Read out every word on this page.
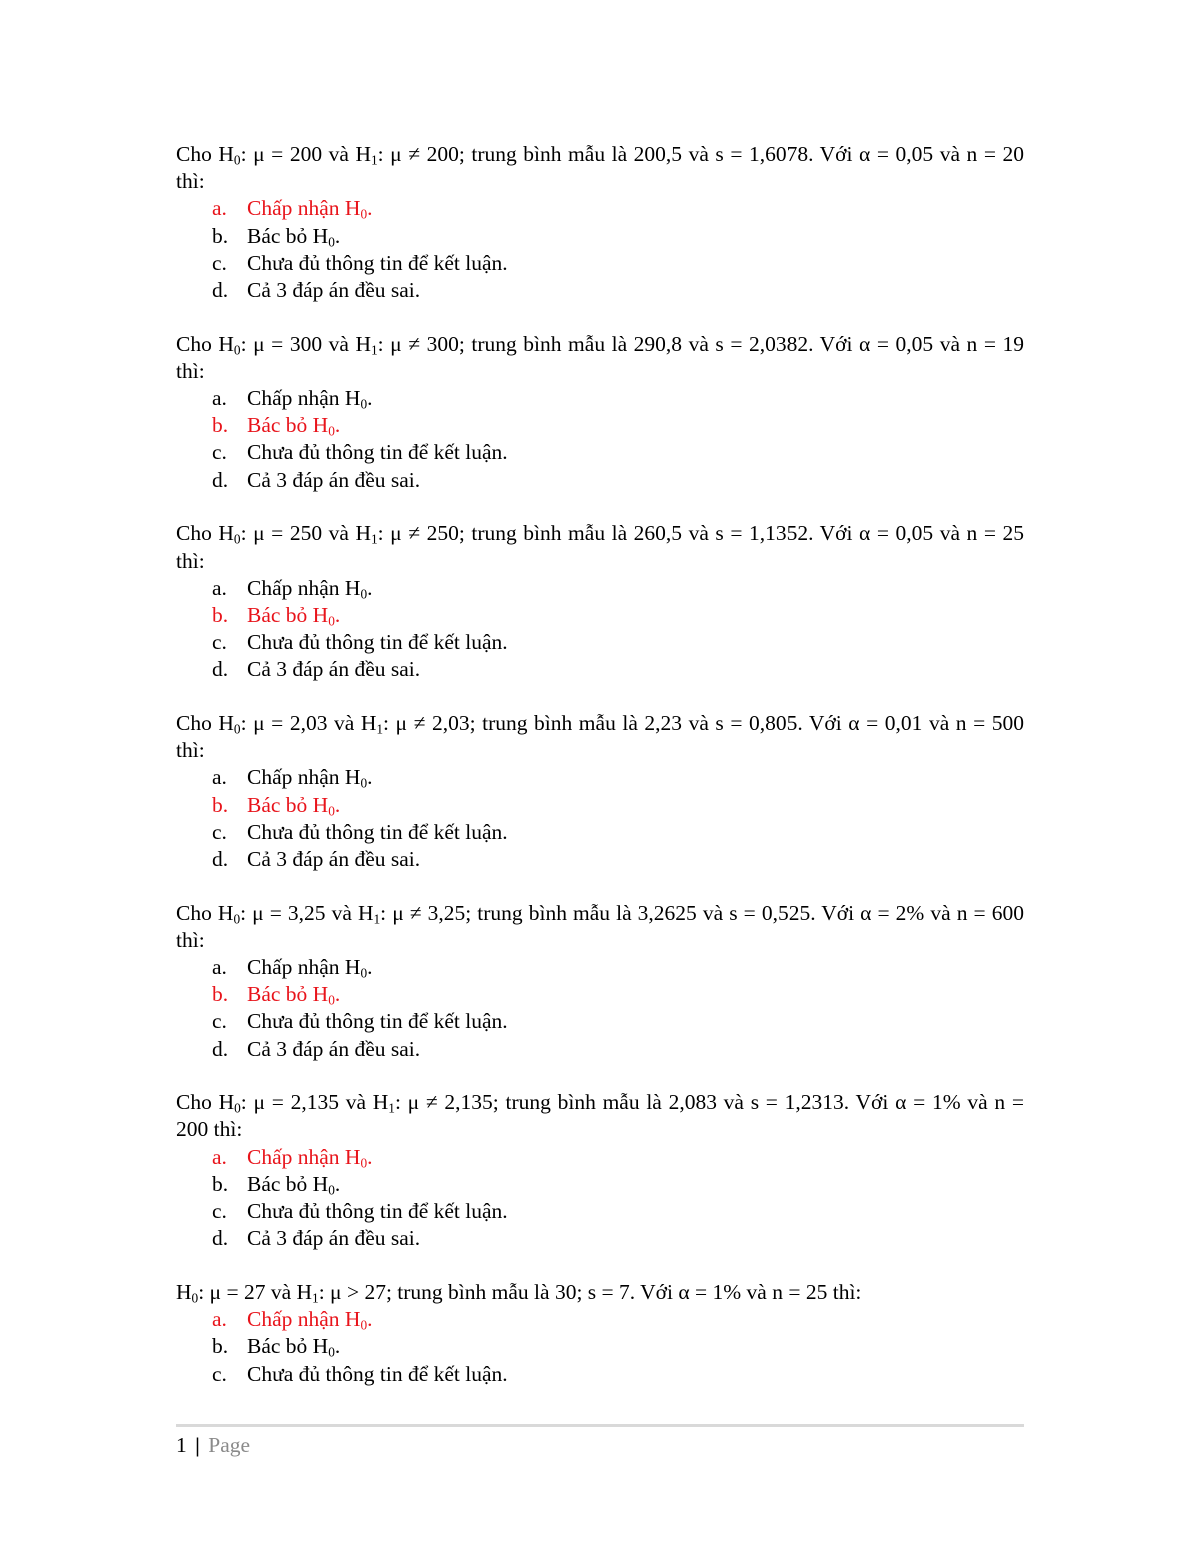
Cho $H_0$: μ = 200 và $H_1$: μ ≠ 200; trung bình mẫu là 200,5 và s = 1,6078. Với α = 0,05 và n = 20 thì:

a. Chấp nhận $H_0$.
b. Bác bỏ $H_0$.
c. Chưa đủ thông tin để kết luận.
d. Cả 3 đáp án đều sai.

Cho $H_0$: μ = 300 và $H_1$: μ ≠ 300; trung bình mẫu là 290,8 và s = 2,0382. Với α = 0,05 và n = 19 thì:

a. Chấp nhận $H_0$.
b. Bác bỏ $H_0$.
c. Chưa đủ thông tin để kết luận.
d. Cả 3 đáp án đều sai.

Cho $H_0$: μ = 250 và $H_1$: μ ≠ 250; trung bình mẫu là 260,5 và s = 1,1352. Với α = 0,05 và n = 25 thì:

a. Chấp nhận $H_0$.
b. Bác bỏ $H_0$.
c. Chưa đủ thông tin để kết luận.
d. Cả 3 đáp án đều sai.

Cho $H_0$: μ = 2,03 và $H_1$: μ ≠ 2,03; trung bình mẫu là 2,23 và s = 0,805. Với α = 0,01 và n = 500 thì:

a. Chấp nhận $H_0$.
b. Bác bỏ $H_0$.
c. Chưa đủ thông tin để kết luận.
d. Cả 3 đáp án đều sai.

Cho $H_0$: μ = 3,25 và $H_1$: μ ≠ 3,25; trung bình mẫu là 3,2625 và s = 0,525. Với α = 2% và n = 600 thì:

a. Chấp nhận $H_0$.
b. Bác bỏ $H_0$.
c. Chưa đủ thông tin để kết luận.
d. Cả 3 đáp án đều sai.

Cho $H_0$: μ = 2,135 và $H_1$: μ ≠ 2,135; trung bình mẫu là 2,083 và s = 1,2313. Với α = 1% và n = 200 thì:

a. Chấp nhận $H_0$.
b. Bác bỏ $H_0$.
c. Chưa đủ thông tin để kết luận.
d. Cả 3 đáp án đều sai.

$H_0$: μ = 27 và $H_1$: μ > 27; trung bình mẫu là 30; s = 7. Với α = 1% và n = 25 thì:

a. Chấp nhận $H_0$.
b. Bác bỏ $H_0$.
c. Chưa đủ thông tin để kết luận.
1 | Page
